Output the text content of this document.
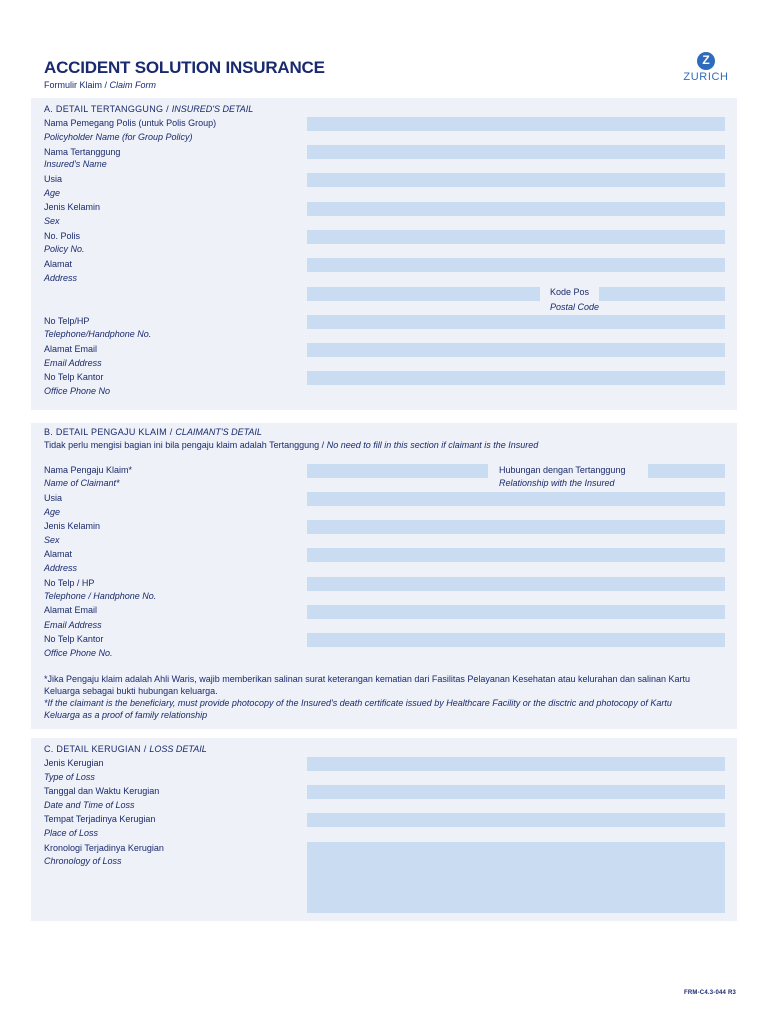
ACCIDENT SOLUTION INSURANCE
Formulir Klaim / Claim Form
Z
ZURICH
A. DETAIL TERTANGGUNG / INSURED'S DETAIL
Nama Pemegang Polis (untuk Polis Group)
Policyholder Name (for Group Policy)
Nama Tertanggung
Insured's Name
Usia
Age
Jenis Kelamin
Sex
No. Polis
Policy No.
Alamat
Address
Kode Pos
Postal Code
No Telp/HP
Telephone/Handphone No.
Alamat Email
Email Address
No Telp Kantor
Office Phone No
B. DETAIL PENGAJU KLAIM / CLAIMANT'S DETAIL
Tidak perlu mengisi bagian ini bila pengaju klaim adalah Tertanggung / No need to fill in this section if claimant is the Insured
Nama Pengaju Klaim*
Name of Claimant*
Hubungan dengan Tertanggung
Relationship with the Insured
Usia
Age
Jenis Kelamin
Sex
Alamat
Address
No Telp / HP
Telephone / Handphone No.
Alamat Email
Email Address
No Telp Kantor
Office Phone No.
*Jika Pengaju klaim adalah Ahli Waris, wajib memberikan salinan surat keterangan kematian dari Fasilitas Pelayanan Kesehatan atau kelurahan dan salinan Kartu Keluarga sebagai bukti hubungan keluarga.
*If the claimant is the beneficiary, must provide photocopy of the Insured's death certificate issued by Healthcare Facility or the disctric and photocopy of Kartu Keluarga as a proof of family relationship
C. DETAIL KERUGIAN / LOSS DETAIL
Jenis Kerugian
Type of Loss
Tanggal dan Waktu Kerugian
Date and Time of Loss
Tempat Terjadinya Kerugian
Place of Loss
Kronologi Terjadinya Kerugian
Chronology of Loss
FRM-C4.3-044 R3
